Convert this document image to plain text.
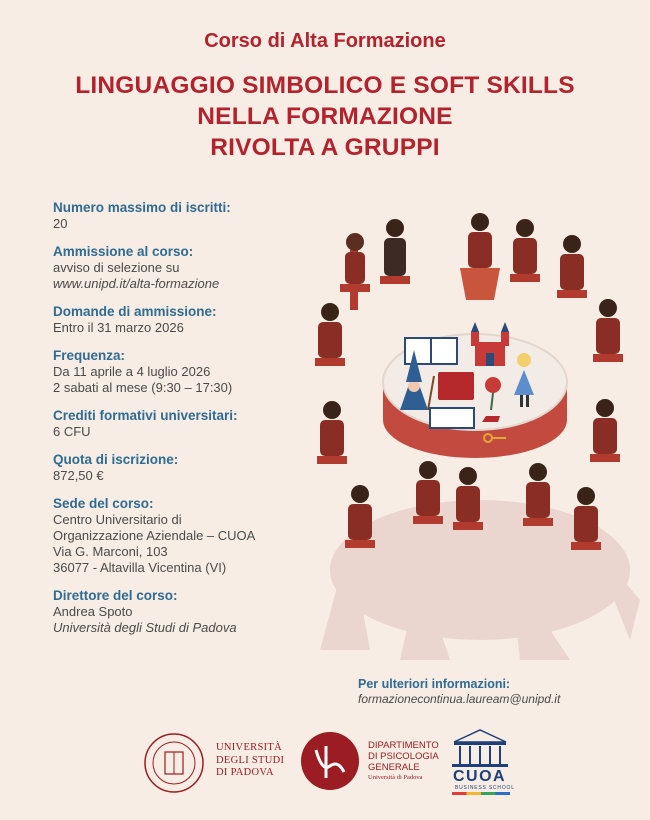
Corso di Alta Formazione
LINGUAGGIO SIMBOLICO E SOFT SKILLS
NELLA FORMAZIONE
RIVOLTA A GRUPPI
Numero massimo di iscritti:
20
Ammissione al corso:
avviso di selezione su
www.unipd.it/alta-formazione
Domande di ammissione:
Entro il 31 marzo 2026
Frequenza:
Da 11 aprile a 4 luglio 2026
2 sabati al mese (9:30 – 17:30)
Crediti formativi universitari:
6 CFU
Quota di iscrizione:
872,50 €
Sede del corso:
Centro Universitario di
Organizzazione Aziendale – CUOA
Via G. Marconi, 103
36077 - Altavilla Vicentina (VI)
Direttore del corso:
Andrea Spoto
Università degli Studi di Padova
Per ulteriori informazioni:
formazionecontinua.lauream@unipd.it
UNIVERSITÀ
DEGLI STUDI
DI PADOVA
DIPARTIMENTO
DI PSICOLOGIA
GENERALE
Università di Padova	CUOA
BUSINESS SCHOOL
